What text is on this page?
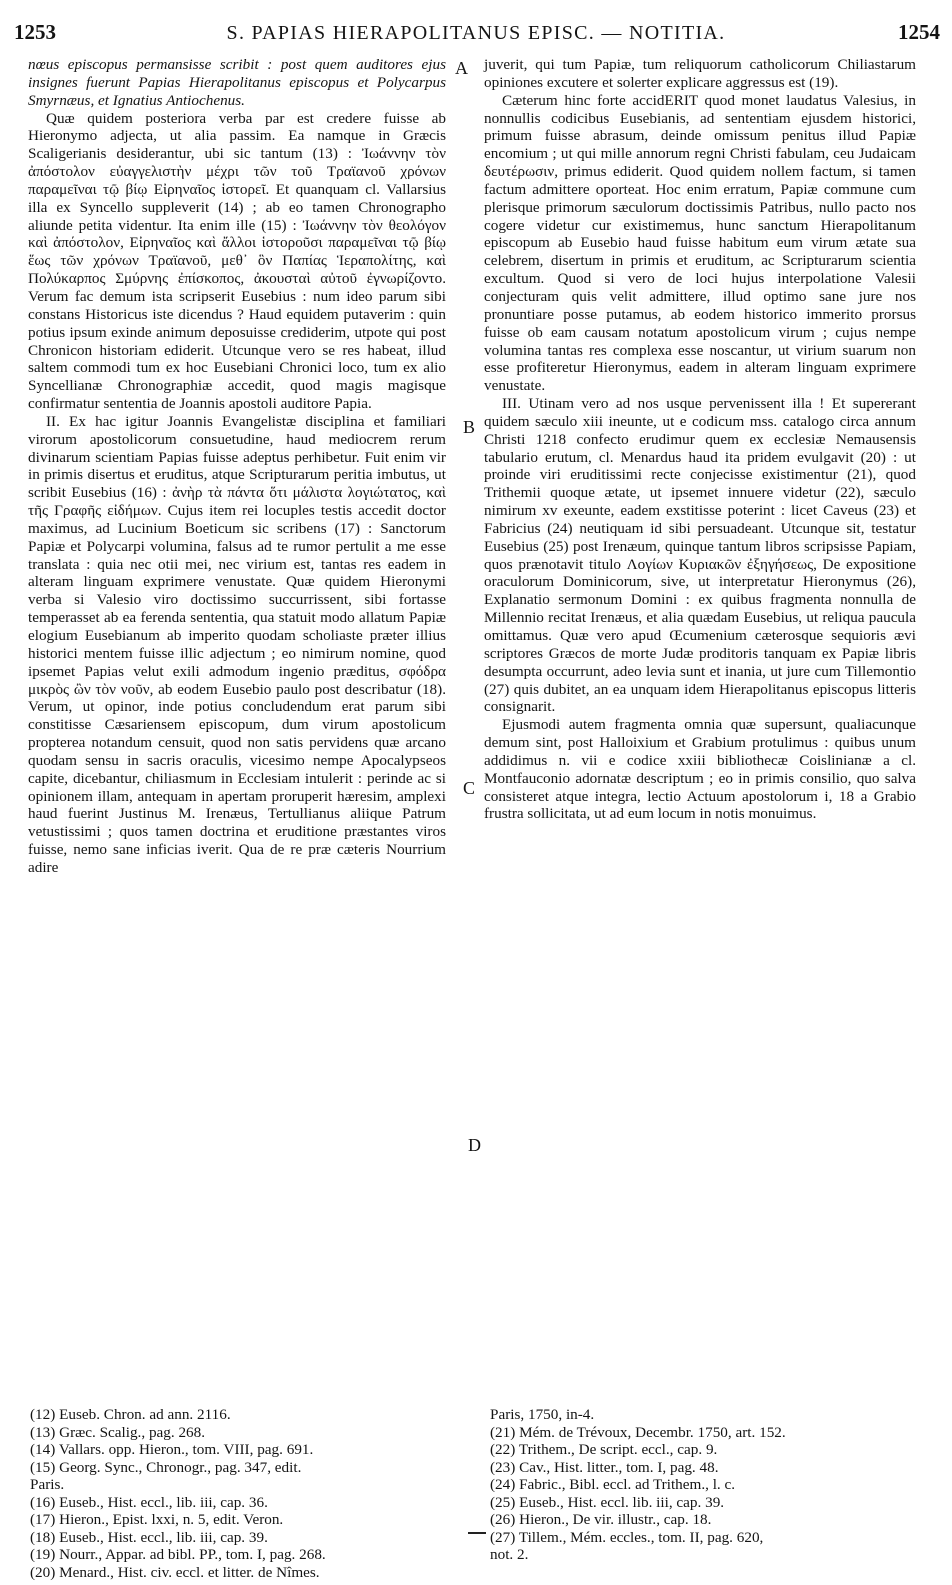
1253	S. PAPIAS HIERAPOLITANUS EPISC. — NOTITIA.	1254

nœus episcopus permansisse scribit : post quem auditores ejus insignes fuerunt Papias Hierapolitanus episcopus et Polycarpus Smyrnæus, et Ignatius Antiochenus.

Quæ quidem posteriora verba par est credere fuisse ab Hieronymo adjecta, ut alia passim. Ea namque in Græcis Scaligerianis desiderantur, ubi sic tantum (13) : Ἰωάννην τὸν ἀπόστολον εὐαγγελιστὴν μέχρι τῶν τοῦ Τραϊανοῦ χρόνων παραμεῖναι τῷ βίῳ Εἰρηναῖος ἱστορεῖ. Et quanquam cl. Vallarsius illa ex Syncello suppleverit (14) ; ab eo tamen Chronographo aliunde petita videntur. Ita enim ille (15) : Ἰωάννην τὸν θεολόγον καὶ ἀπόστολον, Εἰρηναῖος καὶ ἄλλοι ἱστοροῦσι παραμεῖναι τῷ βίῳ ἕως τῶν χρόνων Τραϊανοῦ, μεθ᾽ ὃν Παπίας Ἱεραπολίτης, καὶ Πολύκαρπος Σμύρνης ἐπίσκοπος, ἀκουσταὶ αὐτοῦ ἐγνωρίζοντο. Verum fac demum ista scripserit Eusebius : num ideo parum sibi constans Historicus iste dicendus ? Haud equidem putaverim : quin potius ipsum exinde animum deposuisse crediderim, utpote qui post Chronicon historiam ediderit. Utcunque vero se res habeat, illud saltem commodi tum ex hoc Eusebiani Chronici loco, tum ex alio Syncellianæ Chronographiæ accedit, quod magis magisque confirmatur sententia de Joannis apostoli auditore Papia.

II. Ex hac igitur Joannis Evangelistæ disciplina et familiari virorum apostolicorum consuetudine, haud mediocrem rerum divinarum scientiam Papias fuisse adeptus perhibetur. Fuit enim vir in primis disertus et eruditus, atque Scripturarum peritia imbutus, ut scribit Eusebius (16) : ἀνὴρ τὰ πάντα ὅτι μάλιστα λογιώτατος, καὶ τῆς Γραφῆς εἰδήμων. Cujus item rei locuples testis accedit doctor maximus, ad Lucinium Boeticum sic scribens (17) : Sanctorum Papiæ et Polycarpi volumina, falsus ad te rumor pertulit a me esse translata : quia nec otii mei, nec virium est, tantas res eadem in alteram linguam exprimere venustate. Quæ quidem Hieronymi verba si Valesio viro doctissimo succurrissent, sibi fortasse temperasset ab ea ferenda sententia, qua statuit modo allatum Papiæ elogium Eusebianum ab imperito quodam scholiaste præter illius historici mentem fuisse illic adjectum ; eo nimirum nomine, quod ipsemet Papias velut exili admodum ingenio præditus, σφόδρα μικρὸς ὢν τὸν νοῦν, ab eodem Eusebio paulo post describatur (18). Verum, ut opinor, inde potius concludendum erat parum sibi constitisse Cæsariensem episcopum, dum virum apostolicum propterea notandum censuit, quod non satis pervidens quæ arcano quodam sensu in sacris oraculis, vicesimo nempe Apocalypseos capite, dicebantur, chiliasmum in Ecclesiam intulerit : perinde ac si opinionem illam, antequam in apertam proruperit hæresim, amplexi haud fuerint Justinus M. Irenæus, Tertullianus aliique Patrum vetustissimi ; quos tamen doctrina et eruditione præstantes viros fuisse, nemo sane inficias iverit. Qua de re præ cæteris Nourrium adire

juverit, qui tum Papiæ, tum reliquorum catholicorum Chiliastarum opiniones excutere et solerter explicare aggressus est (19).

Cæterum hinc forte accidERIT quod monet laudatus Valesius, in nonnullis codicibus Eusebianis, ad sententiam ejusdem historici, primum fuisse abrasum, deinde omissum penitus illud Papiæ encomium ; ut qui mille annorum regni Christi fabulam, ceu Judaicam δευτέρωσιν, primus ediderit. Quod quidem nollem factum, si tamen factum admittere oporteat. Hoc enim erratum, Papiæ commune cum plerisque primorum sæculorum doctissimis Patribus, nullo pacto nos cogere videtur cur existimemus, hunc sanctum Hierapolitanum episcopum ab Eusebio haud fuisse habitum eum virum ætate sua celebrem, disertum in primis et eruditum, ac Scripturarum scientia excultum. Quod si vero de loci hujus interpolatione Valesii conjecturam quis velit admittere, illud optimo sane jure nos pronuntiare posse putamus, ab eodem historico immerito prorsus fuisse ob eam causam notatum apostolicum virum ; cujus nempe volumina tantas res complexa esse noscantur, ut virium suarum non esse profiteretur Hieronymus, eadem in alteram linguam exprimere venustate.

III. Utinam vero ad nos usque pervenissent illa ! Et supererant quidem sæculo xiii ineunte, ut e codicum mss. catalogo circa annum Christi 1218 confecto erudimur quem ex ecclesiæ Nemausensis tabulario erutum, cl. Menardus haud ita pridem evulgavit (20) : ut proinde viri eruditissimi recte conjecisse existimentur (21), quod Trithemii quoque ætate, ut ipsemet innuere videtur (22), sæculo nimirum xv exeunte, eadem exstitisse poterint : licet Caveus (23) et Fabricius (24) neutiquam id sibi persuadeant. Utcunque sit, testatur Eusebius (25) post Irenæum, quinque tantum libros scripsisse Papiam, quos prænotavit titulo Λογίων Κυριακῶν ἐξηγήσεως, De expositione oraculorum Dominicorum, sive, ut interpretatur Hieronymus (26), Explanatio sermonum Domini : ex quibus fragmenta nonnulla de Millennio recitat Irenæus, et alia quædam Eusebius, ut reliqua paucula omittamus. Quæ vero apud Œcumenium cæterosque sequioris ævi scriptores Græcos de morte Judæ proditoris tanquam ex Papiæ libris desumpta occurrunt, adeo levia sunt et inania, ut jure cum Tillemontio (27) quis dubitet, an ea unquam idem Hierapolitanus episcopus litteris consignarit.

Ejusmodi autem fragmenta omnia quæ supersunt, qualiacunque demum sint, post Halloixium et Grabium protulimus : quibus unum addidimus n. vii e codice xxiii bibliothecæ Coislinianæ a cl. Montfauconio adornatæ descriptum ; eo in primis consilio, quo salva consisteret atque integra, lectio Actuum apostolorum i, 18 a Grabio frustra sollicitata, ut ad eum locum in notis monuimus.

A
B
C
D
(12) Euseb. Chron. ad ann. 2116.
(13) Græc. Scalig., pag. 268.
(14) Vallars. opp. Hieron., tom. VIII, pag. 691.
(15) Georg. Sync., Chronogr., pag. 347, edit.
Paris.
(16) Euseb., Hist. eccl., lib. iii, cap. 36.
(17) Hieron., Epist. lxxi, n. 5, edit. Veron.
(18) Euseb., Hist. eccl., lib. iii, cap. 39.
(19) Nourr., Appar. ad bibl. PP., tom. I, pag. 268.
(20) Menard., Hist. civ. eccl. et litter. de Nîmes.
Paris, 1750, in-4.
(21) Mém. de Trévoux, Decembr. 1750, art. 152.
(22) Trithem., De script. eccl., cap. 9.
(23) Cav., Hist. litter., tom. I, pag. 48.
(24) Fabric., Bibl. eccl. ad Trithem., l. c.
(25) Euseb., Hist. eccl. lib. iii, cap. 39.
(26) Hieron., De vir. illustr., cap. 18.
(27) Tillem., Mém. eccles., tom. II, pag. 620,
not. 2.
